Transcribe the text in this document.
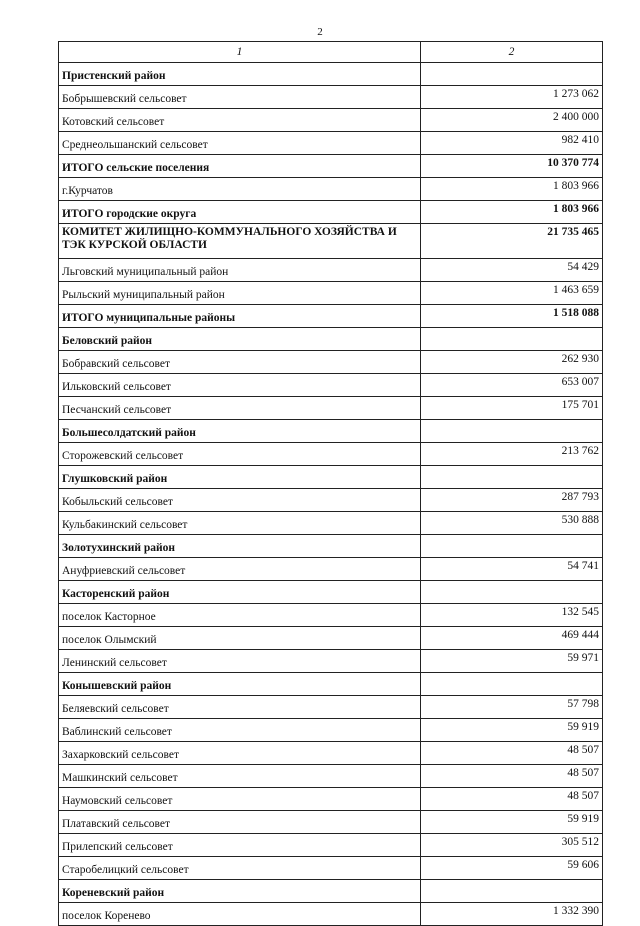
2
1	2
Пристенский район	
Бобрышевский сельсовет	1 273 062
Котовский сельсовет	2 400 000
Среднеольшанский сельсовет	982 410
ИТОГО сельские поселения	10 370 774
г.Курчатов	1 803 966
ИТОГО городские округа	1 803 966
КОМИТЕТ ЖИЛИЩНО-КОММУНАЛЬНОГО ХОЗЯЙСТВА И ТЭК КУРСКОЙ ОБЛАСТИ	21 735 465
Льговский муниципальный район	54 429
Рыльский муниципальный район	1 463 659
ИТОГО муниципальные районы	1 518 088
Беловский район	
Бобравский сельсовет	262 930
Ильковский сельсовет	653 007
Песчанский сельсовет	175 701
Большесолдатский район	
Сторожевский сельсовет	213 762
Глушковский район	
Кобыльский сельсовет	287 793
Кульбакинский сельсовет	530 888
Золотухинский район	
Ануфриевский сельсовет	54 741
Касторенский район	
поселок Касторное	132 545
поселок Олымский	469 444
Ленинский сельсовет	59 971
Конышевский район	
Беляевский сельсовет	57 798
Ваблинский сельсовет	59 919
Захарковский сельсовет	48 507
Машкинский сельсовет	48 507
Наумовский сельсовет	48 507
Платавский сельсовет	59 919
Прилепский сельсовет	305 512
Старобелицкий сельсовет	59 606
Кореневский район	
поселок Коренево	1 332 390
